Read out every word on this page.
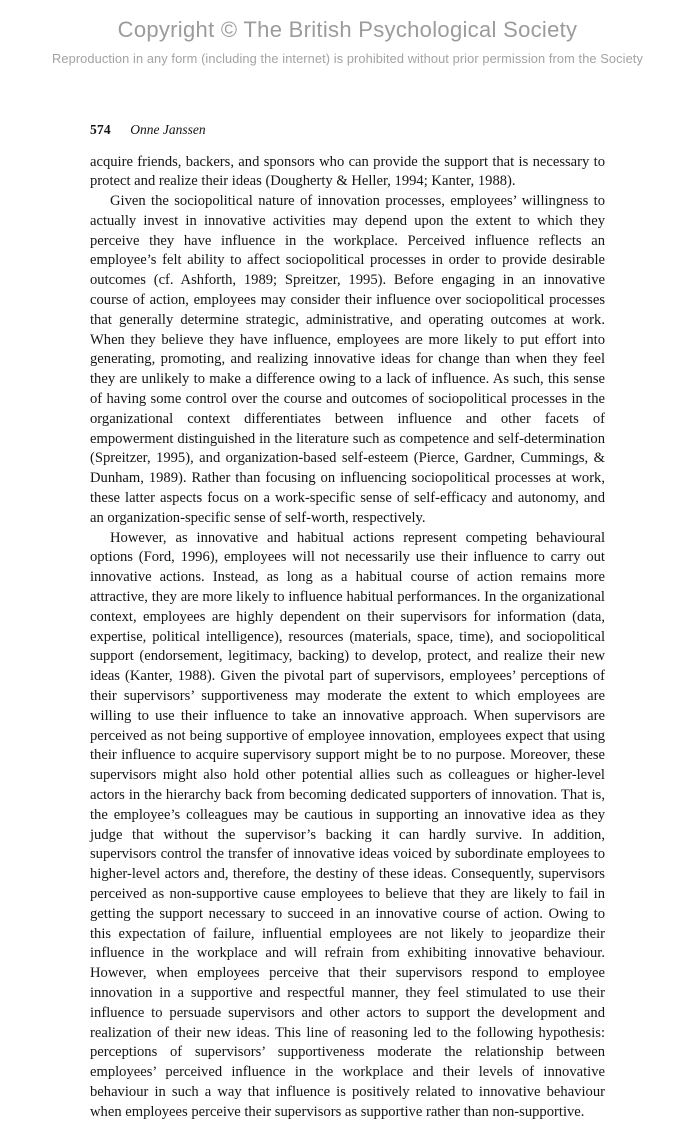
Copyright © The British Psychological Society
Reproduction in any form (including the internet) is prohibited without prior permission from the Society
574 Onne Janssen

acquire friends, backers, and sponsors who can provide the support that is necessary to protect and realize their ideas (Dougherty & Heller, 1994; Kanter, 1988).

Given the sociopolitical nature of innovation processes, employees’ willingness to actually invest in innovative activities may depend upon the extent to which they perceive they have influence in the workplace. Perceived influence reflects an employee’s felt ability to affect sociopolitical processes in order to provide desirable outcomes (cf. Ashforth, 1989; Spreitzer, 1995). Before engaging in an innovative course of action, employees may consider their influence over sociopolitical processes that generally determine strategic, administrative, and operating outcomes at work. When they believe they have influence, employees are more likely to put effort into generating, promoting, and realizing innovative ideas for change than when they feel they are unlikely to make a difference owing to a lack of influence. As such, this sense of having some control over the course and outcomes of sociopolitical processes in the organizational context differentiates between influence and other facets of empowerment distinguished in the literature such as competence and self-determination (Spreitzer, 1995), and organization-based self-esteem (Pierce, Gardner, Cummings, & Dunham, 1989). Rather than focusing on influencing sociopolitical processes at work, these latter aspects focus on a work-specific sense of self-efficacy and autonomy, and an organization-specific sense of self-worth, respectively.

However, as innovative and habitual actions represent competing behavioural options (Ford, 1996), employees will not necessarily use their influence to carry out innovative actions. Instead, as long as a habitual course of action remains more attractive, they are more likely to influence habitual performances. In the organizational context, employees are highly dependent on their supervisors for information (data, expertise, political intelligence), resources (materials, space, time), and sociopolitical support (endorsement, legitimacy, backing) to develop, protect, and realize their new ideas (Kanter, 1988). Given the pivotal part of supervisors, employees’ perceptions of their supervisors’ supportiveness may moderate the extent to which employees are willing to use their influence to take an innovative approach. When supervisors are perceived as not being supportive of employee innovation, employees expect that using their influence to acquire supervisory support might be to no purpose. Moreover, these supervisors might also hold other potential allies such as colleagues or higher-level actors in the hierarchy back from becoming dedicated supporters of innovation. That is, the employee’s colleagues may be cautious in supporting an innovative idea as they judge that without the supervisor’s backing it can hardly survive. In addition, supervisors control the transfer of innovative ideas voiced by subordinate employees to higher-level actors and, therefore, the destiny of these ideas. Consequently, supervisors perceived as non-supportive cause employees to believe that they are likely to fail in getting the support necessary to succeed in an innovative course of action. Owing to this expectation of failure, influential employees are not likely to jeopardize their influence in the workplace and will refrain from exhibiting innovative behaviour. However, when employees perceive that their supervisors respond to employee innovation in a supportive and respectful manner, they feel stimulated to use their influence to persuade supervisors and other actors to support the development and realization of their new ideas. This line of reasoning led to the following hypothesis: perceptions of supervisors’ supportiveness moderate the relationship between employees’ perceived influence in the workplace and their levels of innovative behaviour in such a way that influence is positively related to innovative behaviour when employees perceive their supervisors as supportive rather than non-supportive.
